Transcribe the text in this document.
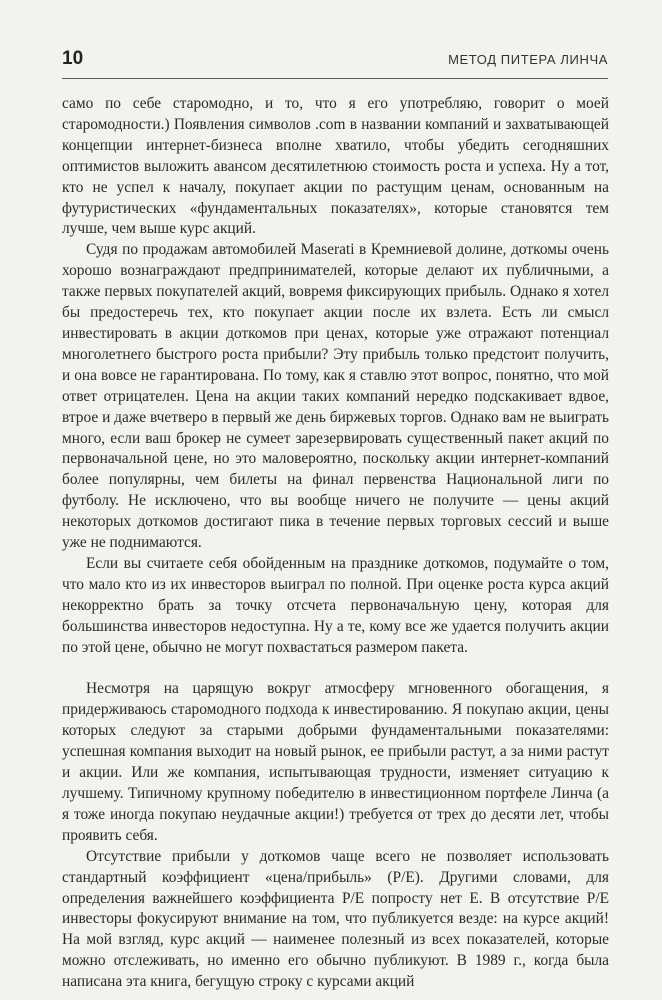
10	МЕТОД ПИТЕРА ЛИНЧА

само по себе старомодно, и то, что я его употребляю, говорит о моей старомодности.) Появления символов .com в названии компаний и захватывающей концепции интернет-бизнеса вполне хватило, чтобы убедить сегодняшних оптимистов выложить авансом десятилетнюю стоимость роста и успеха. Ну а тот, кто не успел к началу, покупает акции по растущим ценам, основанным на футуристических «фундаментальных показателях», которые становятся тем лучше, чем выше курс акций.

Судя по продажам автомобилей Maserati в Кремниевой долине, доткомы очень хорошо вознаграждают предпринимателей, которые делают их публичными, а также первых покупателей акций, вовремя фиксирующих прибыль. Однако я хотел бы предостеречь тех, кто покупает акции после их взлета. Есть ли смысл инвестировать в акции доткомов при ценах, которые уже отражают потенциал многолетнего быстрого роста прибыли? Эту прибыль только предстоит получить, и она вовсе не гарантирована. По тому, как я ставлю этот вопрос, понятно, что мой ответ отрицателен. Цена на акции таких компаний нередко подскакивает вдвое, втрое и даже вчетверо в первый же день биржевых торгов. Однако вам не выиграть много, если ваш брокер не сумеет зарезервировать существенный пакет акций по первоначальной цене, но это маловероятно, поскольку акции интернет-компаний более популярны, чем билеты на финал первенства Национальной лиги по футболу. Не исключено, что вы вообще ничего не получите — цены акций некоторых доткомов достигают пика в течение первых торговых сессий и выше уже не поднимаются.

Если вы считаете себя обойденным на празднике доткомов, подумайте о том, что мало кто из их инвесторов выиграл по полной. При оценке роста курса акций некорректно брать за точку отсчета первоначальную цену, которая для большинства инвесторов недоступна. Ну а те, кому все же удается получить акции по этой цене, обычно не могут похвастаться размером пакета.

Несмотря на царящую вокруг атмосферу мгновенного обогащения, я придерживаюсь старомодного подхода к инвестированию. Я покупаю акции, цены которых следуют за старыми добрыми фундаментальными показателями: успешная компания выходит на новый рынок, ее прибыли растут, а за ними растут и акции. Или же компания, испытывающая трудности, изменяет ситуацию к лучшему. Типичному крупному победителю в инвестиционном портфеле Линча (а я тоже иногда покупаю неудачные акции!) требуется от трех до десяти лет, чтобы проявить себя.

Отсутствие прибыли у доткомов чаще всего не позволяет использовать стандартный коэффициент «цена/прибыль» (P/E). Другими словами, для определения важнейшего коэффициента P/E попросту нет E. В отсутствие P/E инвесторы фокусируют внимание на том, что публикуется везде: на курсе акций! На мой взгляд, курс акций — наименее полезный из всех показателей, которые можно отслеживать, но именно его обычно публикуют. В 1989 г., когда была написана эта книга, бегущую строку с курсами акций
